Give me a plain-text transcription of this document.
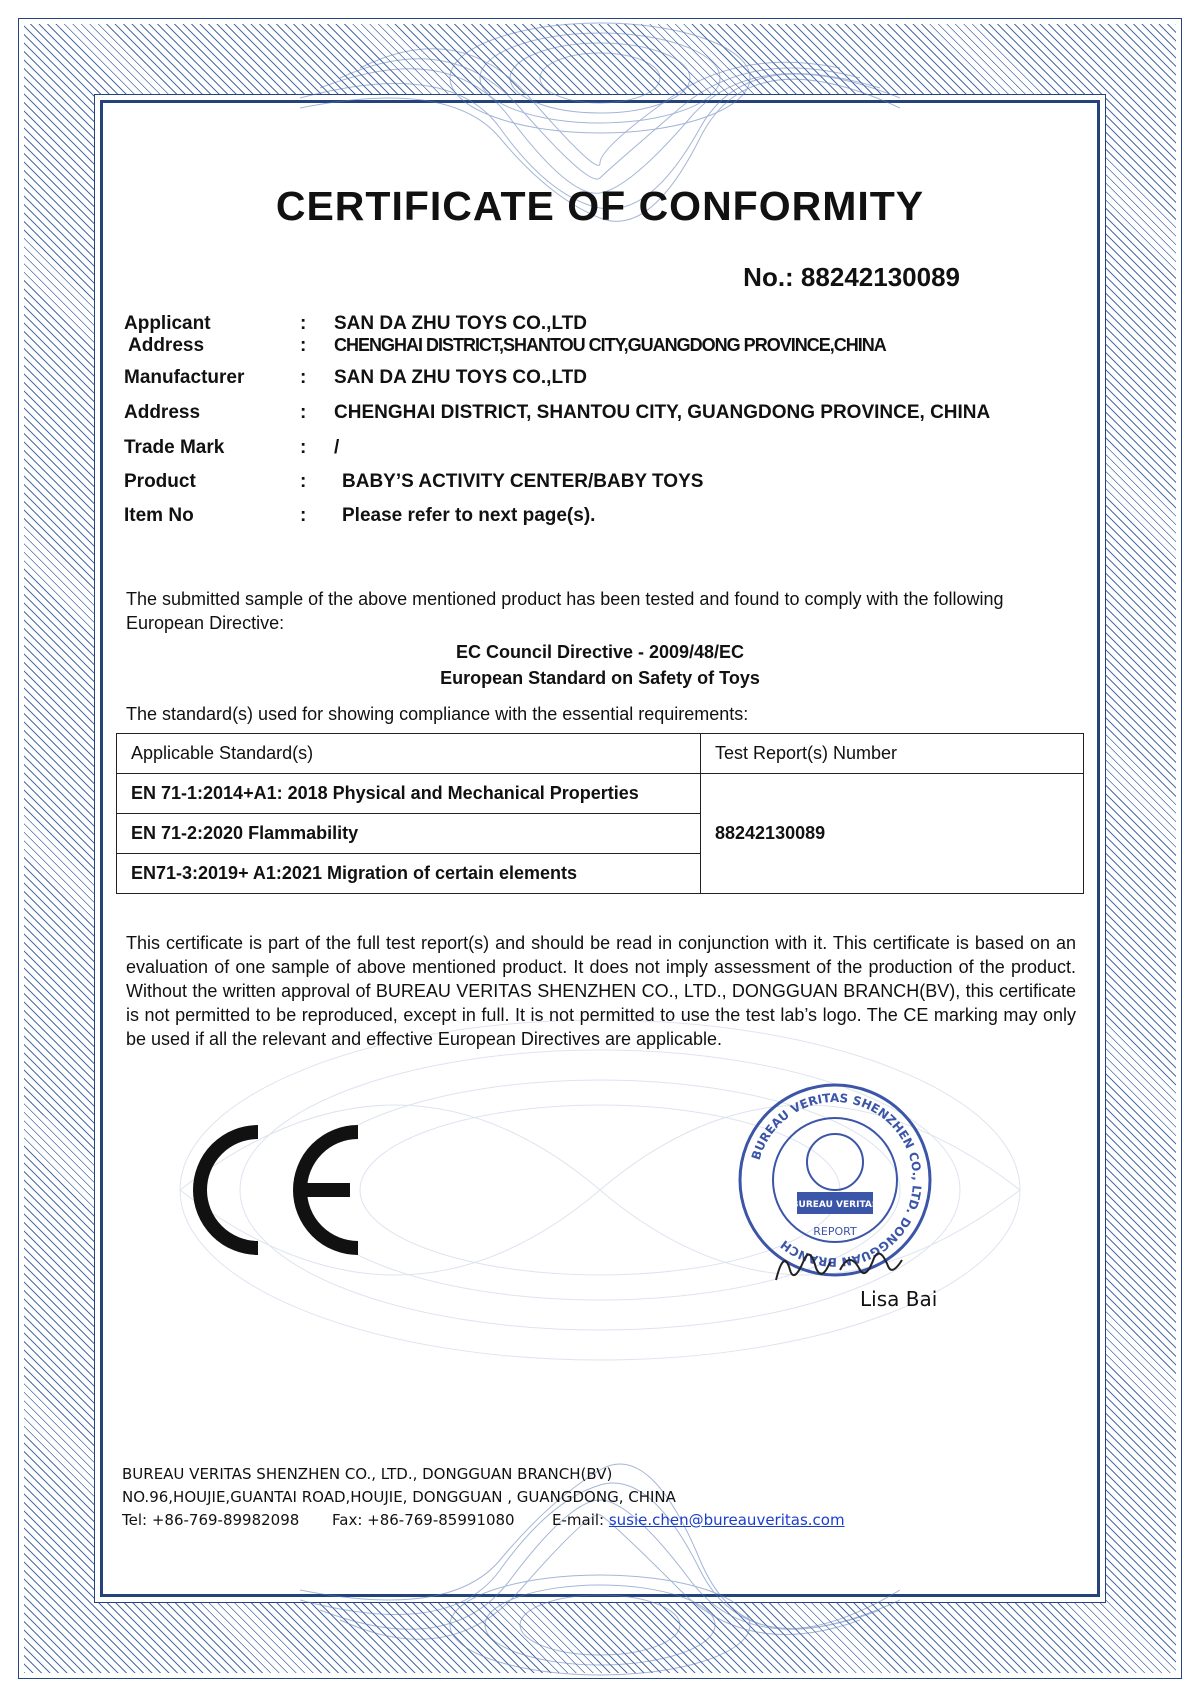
CERTIFICATE OF CONFORMITY
No.: 88242130089
Applicant	: SAN DA ZHU TOYS CO.,LTD
Address	: CHENGHAI DISTRICT,SHANTOU CITY,GUANGDONG PROVINCE,CHINA
Manufacturer	: SAN DA ZHU TOYS CO.,LTD
Address	: CHENGHAI DISTRICT, SHANTOU CITY, GUANGDONG PROVINCE, CHINA
Trade Mark	: /
Product	: BABY’S ACTIVITY CENTER/BABY TOYS
Item No	: Please refer to next page(s).
The submitted sample of the above mentioned product has been tested and found to comply with the following European Directive:
EC Council Directive - 2009/48/EC
European Standard on Safety of Toys
The standard(s) used for showing compliance with the essential requirements:
Applicable Standard(s)	Test Report(s) Number
EN 71-1:2014+A1: 2018 Physical and Mechanical Properties	88242130089
EN 71-2:2020 Flammability	
EN71-3:2019+ A1:2021 Migration of certain elements	
This certificate is part of the full test report(s) and should be read in conjunction with it. This certificate is based on an evaluation of one sample of above mentioned product. It does not imply assessment of the production of the product. Without the written approval of BUREAU VERITAS SHENZHEN CO., LTD., DONGGUAN BRANCH(BV), this certificate is not permitted to be reproduced, except in full. It is not permitted to use the test lab’s logo. The CE marking may only be used if all the relevant and effective European Directives are applicable.
BUREAU VERITAS SHENZHEN CO., LTD. DONGGUAN BRANCH
BUREAU VERITAS
REPORT
Lisa Bai
BUREAU VERITAS SHENZHEN CO., LTD., DONGGUAN BRANCH(BV)
NO.96,HOUJIE,GUANTAI ROAD,HOUJIE, DONGGUAN , GUANGDONG, CHINA
Tel: +86-769-89982098 Fax: +86-769-85991080 E-mail: susie.chen@bureauveritas.com
